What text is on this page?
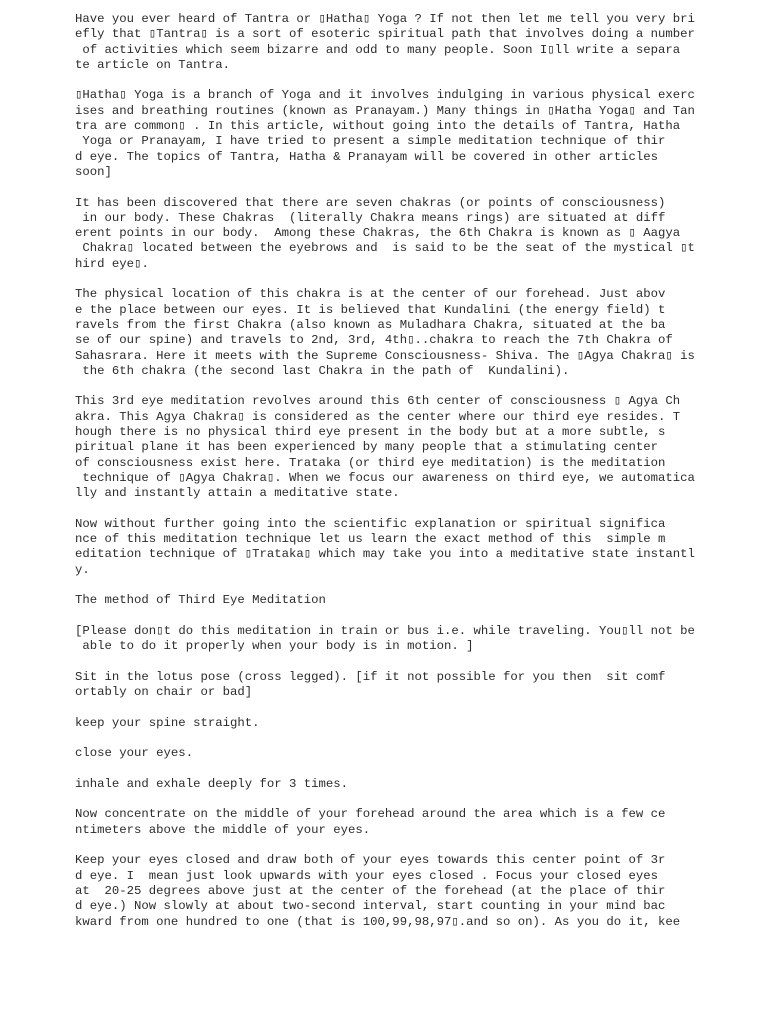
Have you ever heard of Tantra or ▯Hatha▯ Yoga ? If not then let me tell you very bri
efly that ▯Tantra▯ is a sort of esoteric spiritual path that involves doing a number
of activities which seem bizarre and odd to many people. Soon I▯ll write a separa
te article on Tantra.
▯Hatha▯ Yoga is a branch of Yoga and it involves indulging in various physical exerc
ises and breathing routines (known as Pranayam.) Many things in ▯Hatha Yoga▯ and Tan
tra are common▯ . In this article, without going into the details of Tantra, Hatha
Yoga or Pranayam, I have tried to present a simple meditation technique of thir
d eye. The topics of Tantra, Hatha & Pranayam will be covered in other articles
soon]
It has been discovered that there are seven chakras (or points of consciousness)
in our body. These Chakras  (literally Chakra means rings) are situated at diff
erent points in our body.  Among these Chakras, the 6th Chakra is known as ▯ Aagya
Chakra▯ located between the eyebrows and  is said to be the seat of the mystical ▯t
hird eye▯.
The physical location of this chakra is at the center of our forehead. Just abov
e the place between our eyes. It is believed that Kundalini (the energy field) t
ravels from the first Chakra (also known as Muladhara Chakra, situated at the ba
se of our spine) and travels to 2nd, 3rd, 4th▯..chakra to reach the 7th Chakra of
Sahasrara. Here it meets with the Supreme Consciousness- Shiva. The ▯Agya Chakra▯ is
the 6th chakra (the second last Chakra in the path of  Kundalini).
This 3rd eye meditation revolves around this 6th center of consciousness ▯ Agya Ch
akra. This Agya Chakra▯ is considered as the center where our third eye resides. T
hough there is no physical third eye present in the body but at a more subtle, s
piritual plane it has been experienced by many people that a stimulating center
of consciousness exist here. Trataka (or third eye meditation) is the meditation
technique of ▯Agya Chakra▯. When we focus our awareness on third eye, we automatica
lly and instantly attain a meditative state.
Now without further going into the scientific explanation or spiritual significa
nce of this meditation technique let us learn the exact method of this  simple m
editation technique of ▯Trataka▯ which may take you into a meditative state instantl
y.
The method of Third Eye Meditation
[Please don▯t do this meditation in train or bus i.e. while traveling. You▯ll not be
able to do it properly when your body is in motion. ]
Sit in the lotus pose (cross legged). [if it not possible for you then  sit comf
ortably on chair or bad]
keep your spine straight.
close your eyes.
inhale and exhale deeply for 3 times.
Now concentrate on the middle of your forehead around the area which is a few ce
ntimeters above the middle of your eyes.
Keep your eyes closed and draw both of your eyes towards this center point of 3r
d eye. I  mean just look upwards with your eyes closed . Focus your closed eyes
at  20-25 degrees above just at the center of the forehead (at the place of thir
d eye.) Now slowly at about two-second interval, start counting in your mind bac
kward from one hundred to one (that is 100,99,98,97▯.and so on). As you do it, kee
